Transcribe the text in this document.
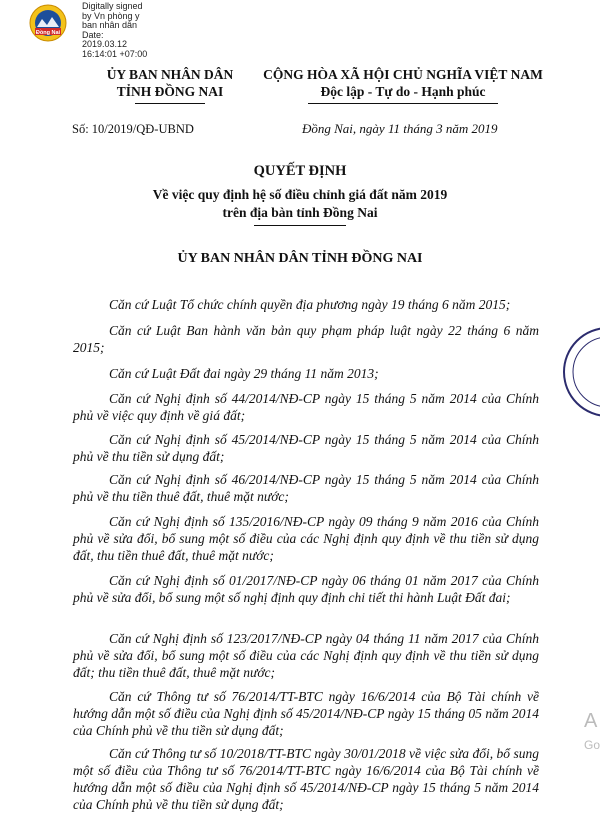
Đồng Nai
Digitally signed
by Vn phòng y
ban nhân dân
Date:
2019.03.12
16:14:01 +07:00
ỦY BAN NHÂN DÂN
TỈNH ĐỒNG NAI
CỘNG HÒA XÃ HỘI CHỦ NGHĨA VIỆT NAM
Độc lập - Tự do - Hạnh phúc
Số: 10/2019/QĐ-UBND	Đồng Nai, ngày 11 tháng 3 năm 2019
QUYẾT ĐỊNH
Về việc quy định hệ số điều chỉnh giá đất năm 2019
trên địa bàn tỉnh Đồng Nai
ỦY BAN NHÂN DÂN TỈNH ĐỒNG NAI
Căn cứ Luật Tổ chức chính quyền địa phương ngày 19 tháng 6 năm 2015;
Căn cứ Luật Ban hành văn bản quy phạm pháp luật ngày 22 tháng 6 năm 2015;
Căn cứ Luật Đất đai ngày 29 tháng 11 năm 2013;
Căn cứ Nghị định số 44/2014/NĐ-CP ngày 15 tháng 5 năm 2014 của Chính phủ về việc quy định về giá đất;
Căn cứ Nghị định số 45/2014/NĐ-CP ngày 15 tháng 5 năm 2014 của Chính phủ về thu tiền sử dụng đất;
Căn cứ Nghị định số 46/2014/NĐ-CP ngày 15 tháng 5 năm 2014 của Chính phủ về thu tiền thuê đất, thuê mặt nước;
Căn cứ Nghị định số 135/2016/NĐ-CP ngày 09 tháng 9 năm 2016 của Chính phủ về sửa đổi, bổ sung một số điều của các Nghị định quy định về thu tiền sử dụng đất, thu tiền thuê đất, thuê mặt nước;
Căn cứ Nghị định số 01/2017/NĐ-CP ngày 06 tháng 01 năm 2017 của Chính phủ về sửa đổi, bổ sung một số nghị định quy định chi tiết thi hành Luật Đất đai;
Căn cứ Nghị định số 123/2017/NĐ-CP ngày 04 tháng 11 năm 2017 của Chính phủ về sửa đổi, bổ sung một số điều của các Nghị định quy định về thu tiền sử dụng đất; thu tiền thuê đất, thuê mặt nước;
Căn cứ Thông tư số 76/2014/TT-BTC ngày 16/6/2014 của Bộ Tài chính về hướng dẫn một số điều của Nghị định số 45/2014/NĐ-CP ngày 15 tháng 05 năm 2014 của Chính phủ về thu tiền sử dụng đất;
Căn cứ Thông tư số 10/2018/TT-BTC ngày 30/01/2018 về việc sửa đổi, bổ sung một số điều của Thông tư số 76/2014/TT-BTC ngày 16/6/2014 của Bộ Tài chính về hướng dẫn một số điều của Nghị định số 45/2014/NĐ-CP ngày 15 tháng 5 năm 2014 của Chính phủ về thu tiền sử dụng đất;
A
Go
